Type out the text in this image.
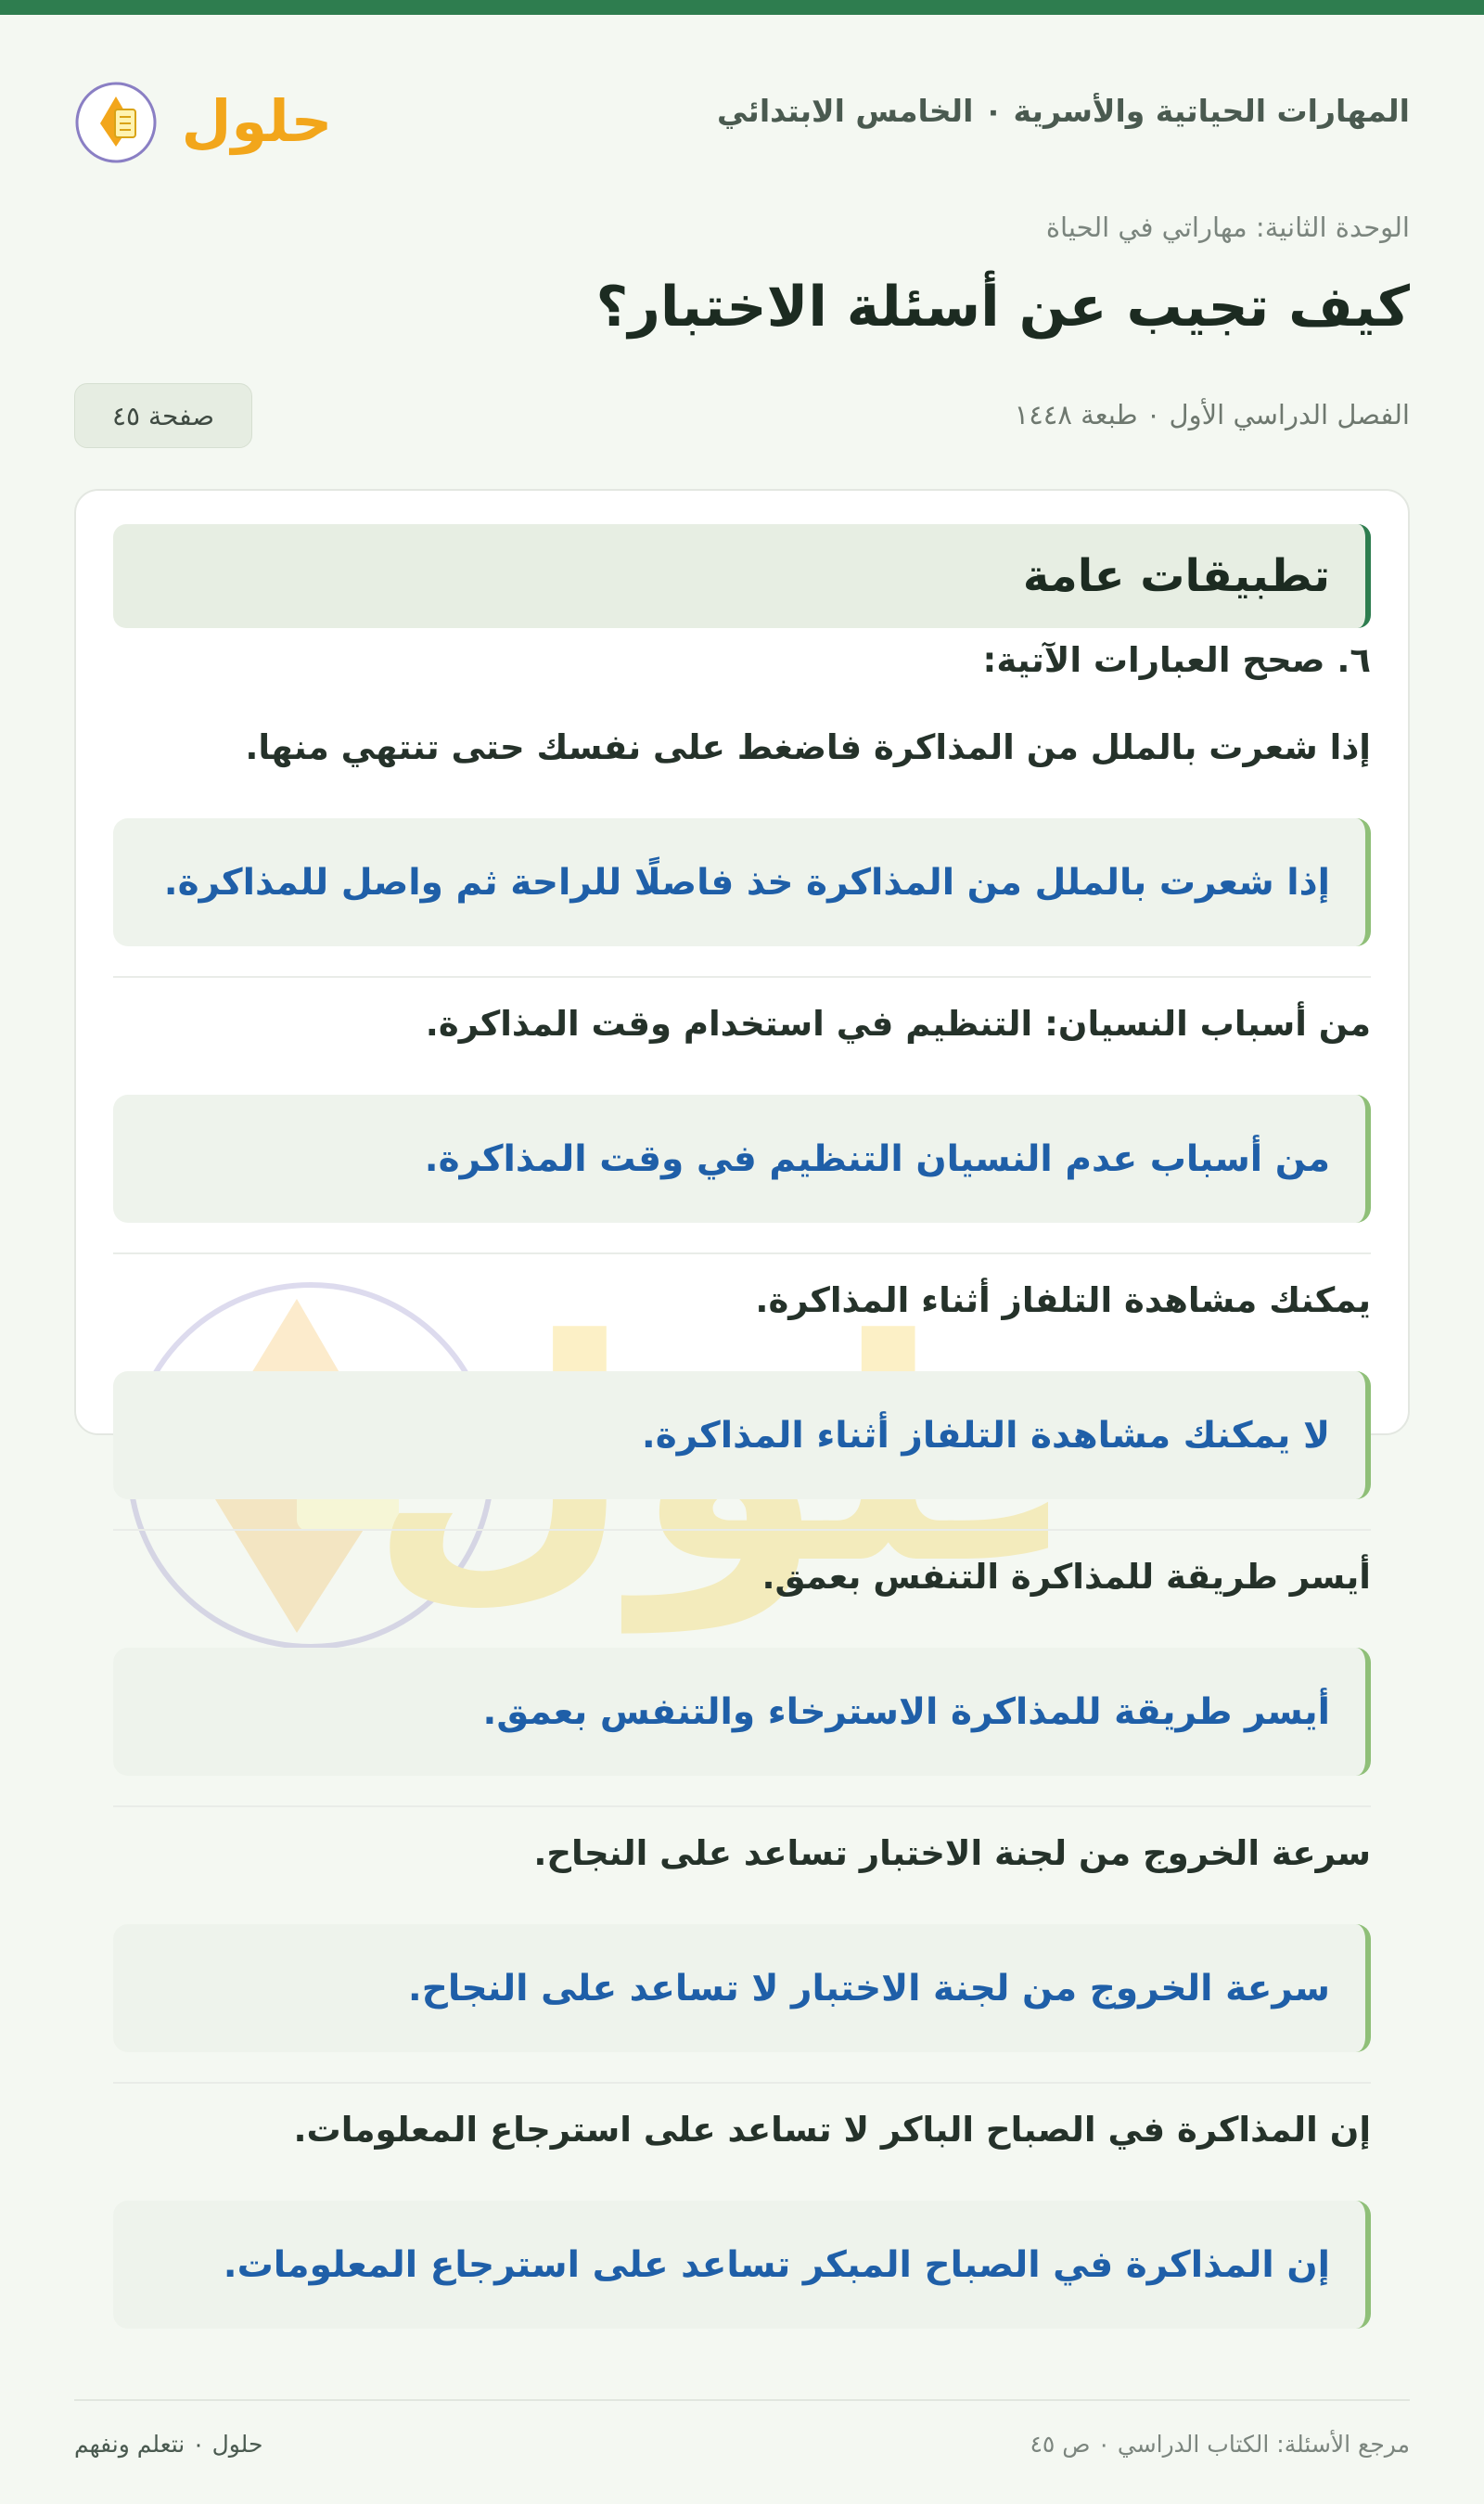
حلول	المهارات الحياتية والأسرية ٠ الخامس الابتدائي
الوحدة الثانية: مهاراتي في الحياة
كيف تجيب عن أسئلة الاختبار؟
الفصل الدراسي الأول ٠ طبعة ١٤٤٨
صفحة ٤٥
تطبيقات عامة
٦. صحح العبارات الآتية:
إذا شعرت بالملل من المذاكرة فاضغط على نفسك حتى تنتهي منها.
إذا شعرت بالملل من المذاكرة خذ فاصلًا للراحة ثم واصل للمذاكرة.
من أسباب النسيان: التنظيم في استخدام وقت المذاكرة.
من أسباب عدم النسيان التنظيم في وقت المذاكرة.
يمكنك مشاهدة التلفاز أثناء المذاكرة.
لا يمكنك مشاهدة التلفاز أثناء المذاكرة.
أيسر طريقة للمذاكرة التنفس بعمق.
أيسر طريقة للمذاكرة الاسترخاء والتنفس بعمق.
سرعة الخروج من لجنة الاختبار تساعد على النجاح.
سرعة الخروج من لجنة الاختبار لا تساعد على النجاح.
إن المذاكرة في الصباح الباكر لا تساعد على استرجاع المعلومات.
إن المذاكرة في الصباح المبكر تساعد على استرجاع المعلومات.
مرجع الأسئلة: الكتاب الدراسي ٠ ص ٤٥
حلول ٠ نتعلم ونفهم
